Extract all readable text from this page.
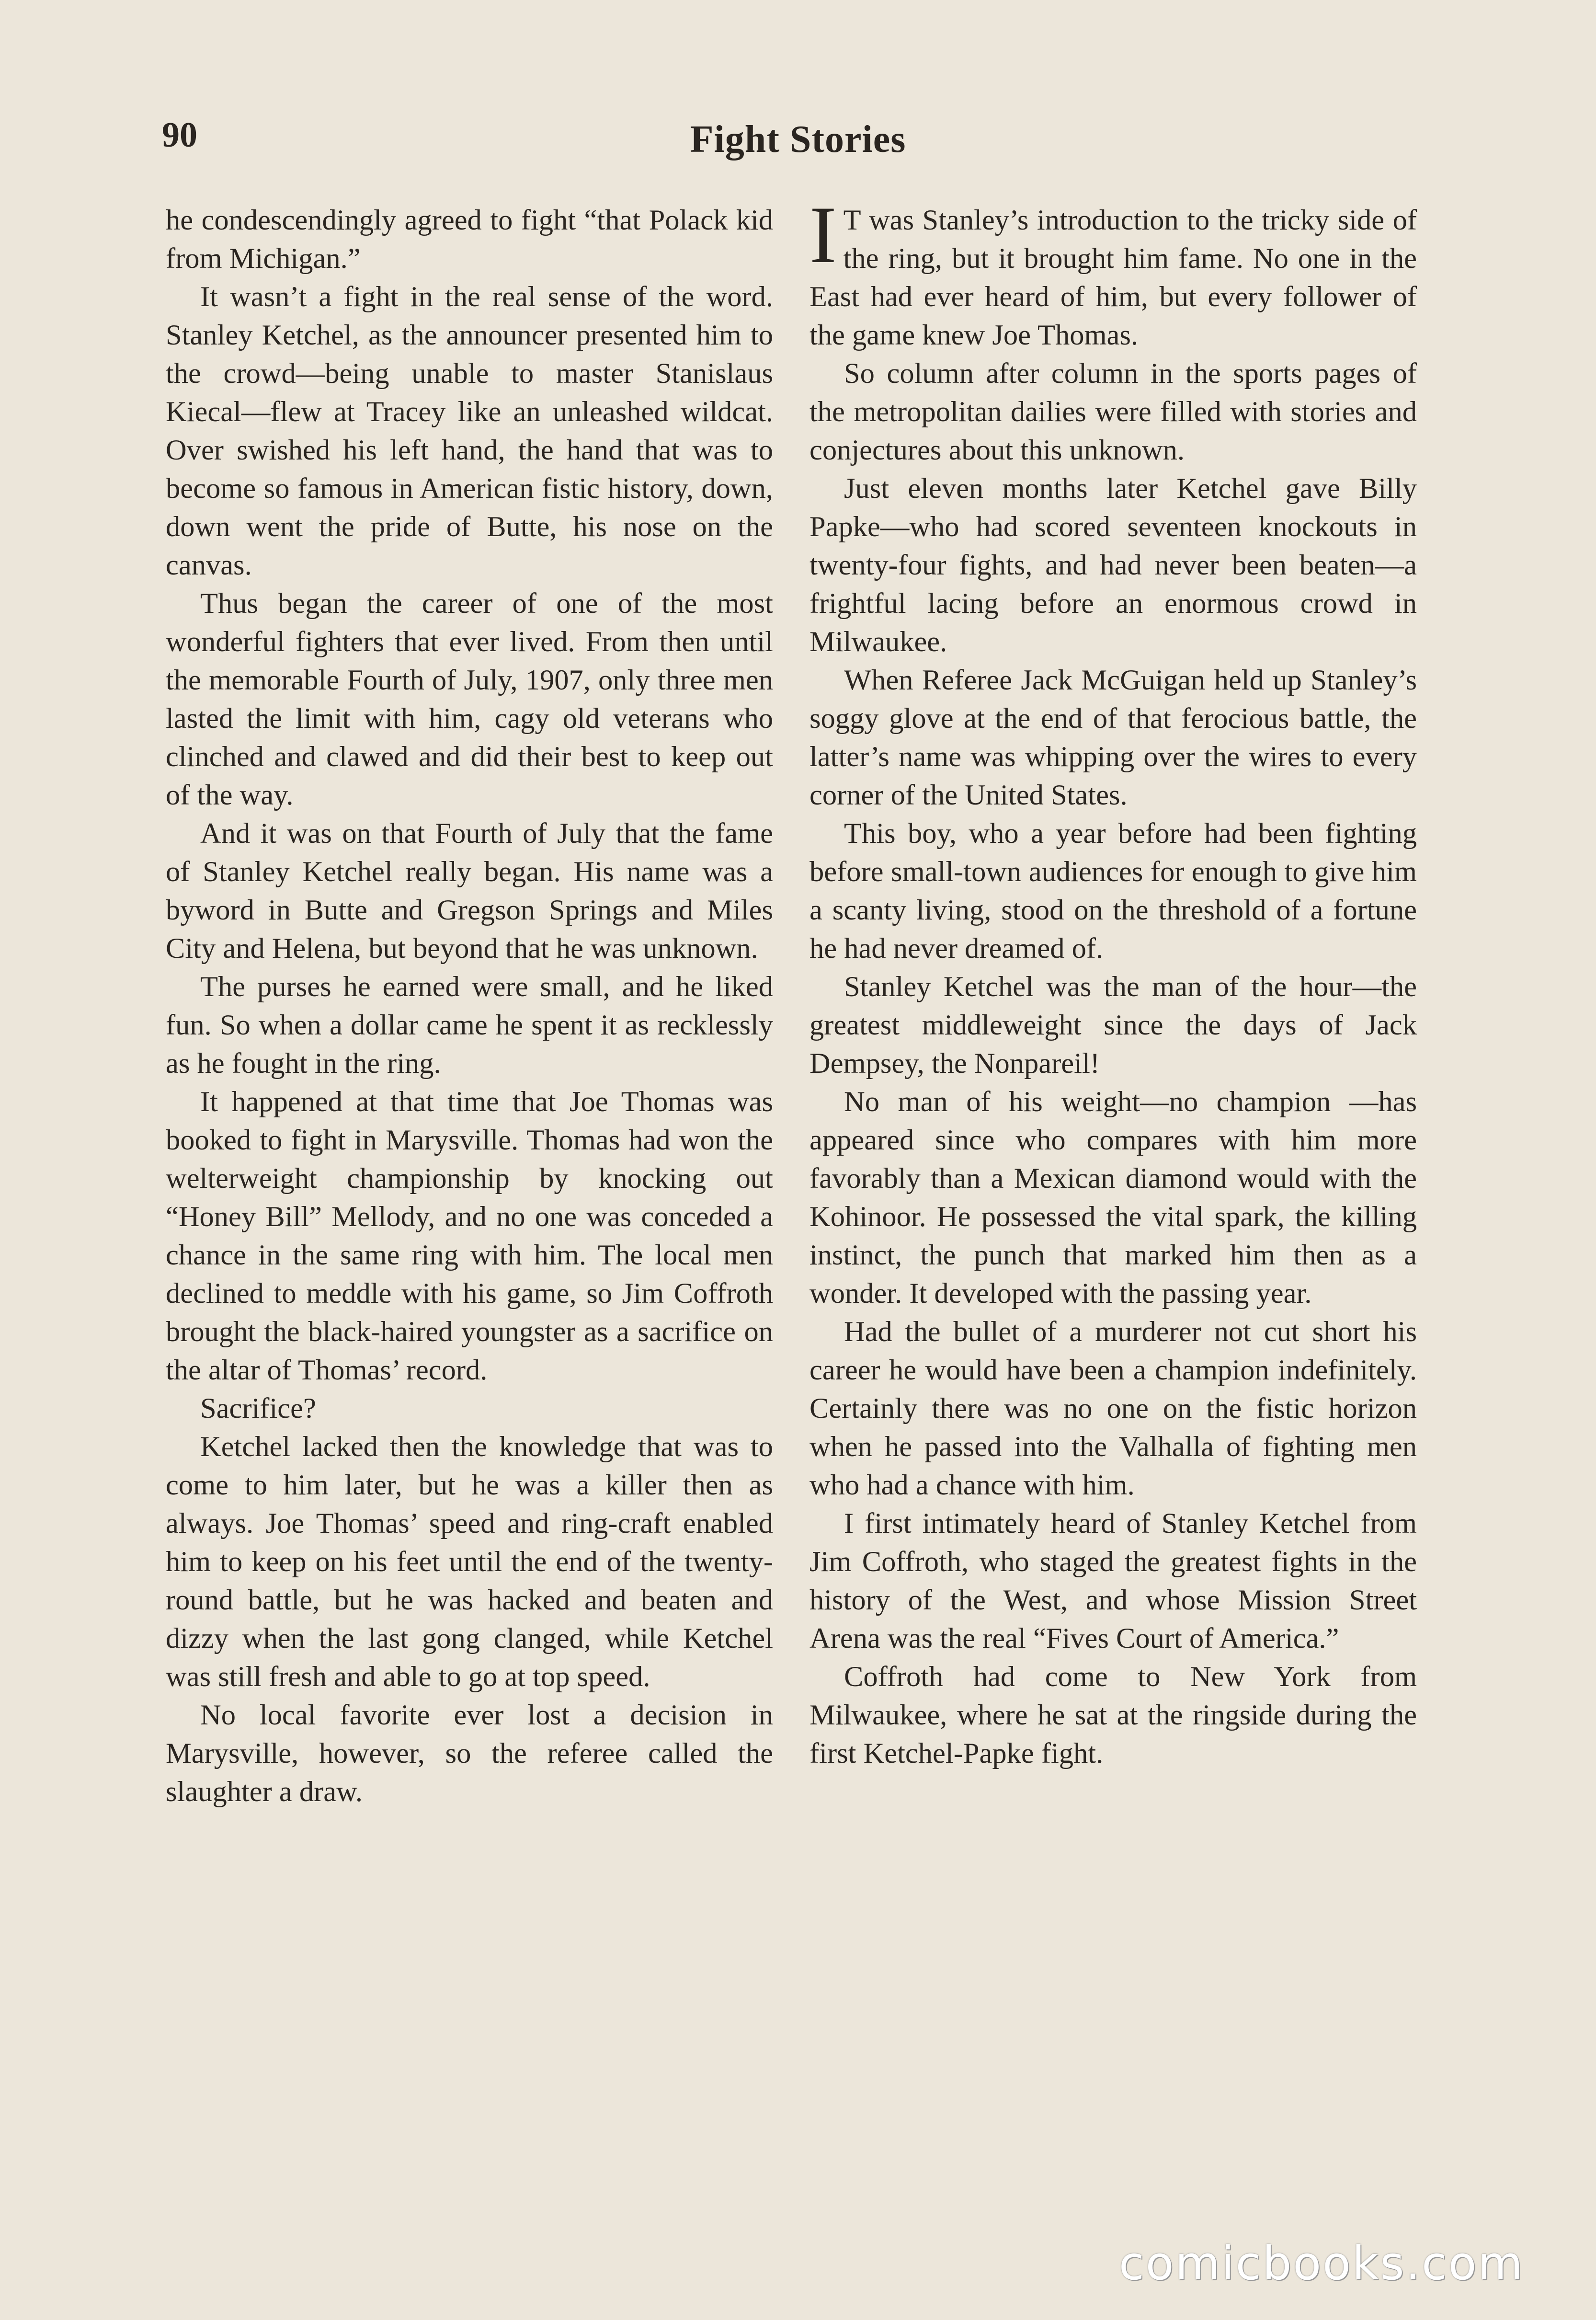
90	Fight Stories

he condescendingly agreed to fight “that Polack kid from Michigan.”

It wasn’t a fight in the real sense of the word. Stanley Ketchel, as the announcer presented him to the crowd—being unable to master Stanislaus Kiecal—flew at Tracey like an unleashed wildcat. Over swished his left hand, the hand that was to become so famous in American fistic history, down, down went the pride of Butte, his nose on the canvas.

Thus began the career of one of the most wonderful fighters that ever lived. From then until the memorable Fourth of July, 1907, only three men lasted the limit with him, cagy old veterans who clinched and clawed and did their best to keep out of the way.

And it was on that Fourth of July that the fame of Stanley Ketchel really began. His name was a byword in Butte and Gregson Springs and Miles City and Helena, but beyond that he was unknown.

The purses he earned were small, and he liked fun. So when a dollar came he spent it as recklessly as he fought in the ring.

It happened at that time that Joe Thomas was booked to fight in Marysville. Thomas had won the welterweight championship by knocking out “Honey Bill” Mellody, and no one was conceded a chance in the same ring with him. The local men declined to meddle with his game, so Jim Coffroth brought the black-haired youngster as a sacrifice on the altar of Thomas’ record.

Sacrifice?

Ketchel lacked then the knowledge that was to come to him later, but he was a killer then as always. Joe Thomas’ speed and ring-craft enabled him to keep on his feet until the end of the twenty-round battle, but he was hacked and beaten and dizzy when the last gong clanged, while Ketchel was still fresh and able to go at top speed.

No local favorite ever lost a decision in Marysville, however, so the referee called the slaughter a draw.

I T was Stanley’s introduction to the tricky side of the ring, but it brought him fame. No one in the East had ever heard of him, but every follower of the game knew Joe Thomas.

So column after column in the sports pages of the metropolitan dailies were filled with stories and conjectures about this unknown.

Just eleven months later Ketchel gave Billy Papke—who had scored seventeen knockouts in twenty-four fights, and had never been beaten—a frightful lacing before an enormous crowd in Milwaukee.

When Referee Jack McGuigan held up Stanley’s soggy glove at the end of that ferocious battle, the latter’s name was whipping over the wires to every corner of the United States.

This boy, who a year before had been fighting before small-town audiences for enough to give him a scanty living, stood on the threshold of a fortune he had never dreamed of.

Stanley Ketchel was the man of the hour—the greatest middleweight since the days of Jack Dempsey, the Nonpareil!

No man of his weight—no champion —has appeared since who compares with him more favorably than a Mexican diamond would with the Kohinoor. He possessed the vital spark, the killing instinct, the punch that marked him then as a wonder. It developed with the passing year.

Had the bullet of a murderer not cut short his career he would have been a champion indefinitely. Certainly there was no one on the fistic horizon when he passed into the Valhalla of fighting men who had a chance with him.

I first intimately heard of Stanley Ketchel from Jim Coffroth, who staged the greatest fights in the history of the West, and whose Mission Street Arena was the real “Fives Court of America.”

Coffroth had come to New York from Milwaukee, where he sat at the ringside during the first Ketchel-Papke fight.

comicbooks.com
